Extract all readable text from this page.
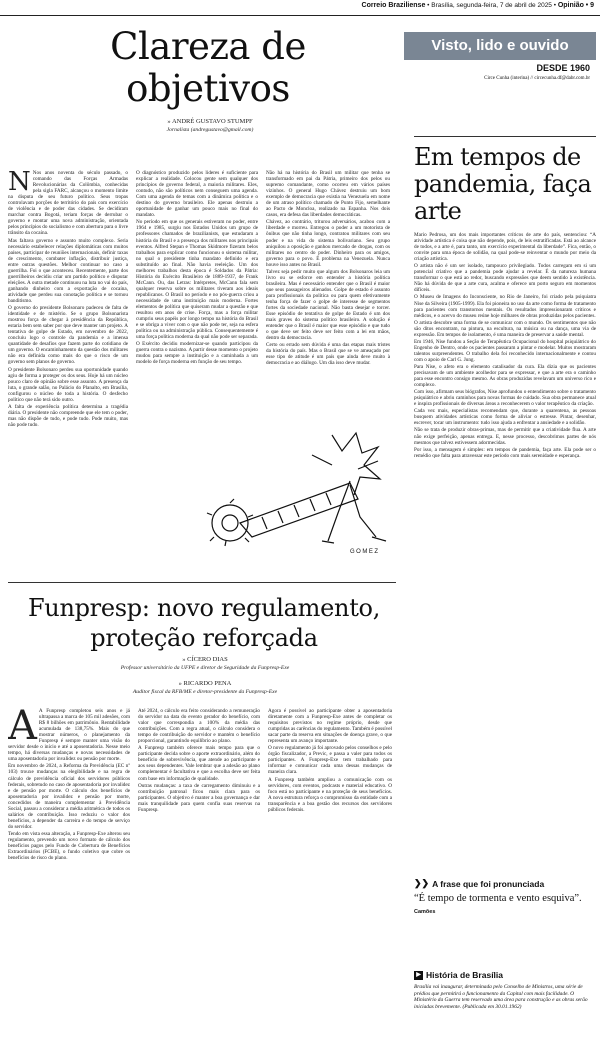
Correio Braziliense • Brasília, segunda-feira, 7 de abril de 2025 • Opinião • 9
Clareza de objetivos
» ANDRÉ GUSTAVO STUMPF
Jornalista (andregustavo@gmail.com)
N Nos anos noventa do século passado, o comando das Forças Armadas Revolucionárias da Colômbia, conhecidas pela sigla FARC, alcançou o momento limite na disputa de seu futuro político. Seus tropas controlavam porções de território do país com exercício de violência e de poder das cidades. Se decidiram marchar contra Bogotá, teriam forças de derrubar o governo e montar uma nova administração, orientada pelos princípios do socialismo e com abertura para o livre trânsito da cocaína.

Mas faltava governo e assunto muito complexo. Seria necessário estabelecer relações diplomáticas com muitos países, participar de reuniões internacionais, definir taxas de crescimento, combater inflação, distribuir justiça, entre outras questões. Melhor continuar no caso a guerrilha. Foi o que aconteceu. Recentemente, parte dos guerrilheiros decidiu criar um partido político e disputar eleições. A outra metade continuou na luta no vai do país, ganhando dinheiro com a exportação de cocaína, atividade que perdeu sua conotação política e se tornou banditismo.

O governo do presidente Bolsonaro padeceu de falta de identidade e de mistério. Se o grupo Bolsonarista mostrou força de chegar à presidência da República, estaria bem sem saber por que deve manter um projeto. A tentativa de golpe de Estado, em novembro de 2022, concluiu logo o controle da pandemia e a imensa quantidade de desafios que fazem parte do cotidiano de um governo. O encaminhamento da questão dos militares não era definida como mais do que o risco de um governo sem planos de governo.

O presidente Bolsonaro perdeu sua oportunidade quando agiu de forma a proteger os dos seus. Hoje há um núcleo pouco claro de opinião sobre esse assunto. A presença da luta, o grande salão, no Palácio do Planalto, em Brasília, configurou o núcleo de toda a história. O desfecho político que não terá sido outro.

A falta de experiência política determina a tragédia diária. O presidente não compreende que ele tem o poder, mas não dispõe de tudo, e pode tudo. Pode muito, mas não pode tudo.

O diagnóstico produzido pelos lideres é suficiente para explicar a realidade. Colocou gente sem qualquer dos principios de governo federal, a maioria militares. Eles, contudo, não são políticos nem conseguem uma agenda. Com uma agenda de temas com a dinâmica política e o destino do governo brasileiro. Ele apenas destruiu a oportunidade de ganhar um pouco mais no final do mandato.

No período em que os generais estiveram no poder, entre 1964 e 1985, surgiu nos Estados Unidos um grupo de professores chamados de brazilianists, que estudaram a história do Brasil e a presença dos militares nos principais eventos. Alfred Stepan e Thomas Skidmore fizeram belos trabalhos para explicar como funcionou o sistema militar, no qual o presidente tinha mandato definido e era substituído ao final. Não havia reeleição. Um dos melhores trabalhos desta época é Soldados da Pátria: História do Exército Brasileiro de 1889-1937, de Frank McCann. Ou, das Letras: Intérpretes, McCann fala sem qualquer reserva sobre os militares tiveram aos ideais republicanos. O Brasil no período e no pós-guerra criou a necessidade de uma instituição mais moderna. Fortes elementos de política que quiseram mudar a questão e que resultou em anos de crise. Força, mas a força militar cumpriu seus papéis por longo tempo na história do Brasil e se obriga a viver com o que não pode ter, seja na esfera política ou na administração pública. Consequentemente é uma força política moderna da qual não pode ser separada.

O Exército decidiu modernizar-se quando participou da guerra contra o nazismo. A partir desse momento o projeto mudou para sempre a instituição e a caminhada a um modelo de força moderna em função de seu tempo.

Não há na história do Brasil um militar que tenha se transformado em pai da Pátria, primeiro dos pelos ou supremo comandante, como ocorreu em vários países vizinhos. O general Hugo Chávez destruiu um bom exemplo de democracia que existia na Venezuela em nome de um atraso político chamado de Punto Fijo, semelhante ao Pacto de Moncloa, realizado na Espanha. Nos dois casos, era defesa das liberdades democráticas.

Chávez, ao contrário, triturou adversários, acabou com a liberdade e morreu. Entregou o poder a um motorista de ônibus que não tinha longo, contratou militares com seu poder e na vida do sistema bolivariano. Seu grupo aniquilou a oposição e ganhou mercado de drogas, com os militares no centro do poder. Dinheiro para os amigos, governo para o povo. É problema na Venezuela. Nunca houve isso antes no Brasil.

Talvez seja pedir muito que algum dos Bolsonaros leia um livro ou se esforce em entender a história política brasileira. Mas é necessário entender que o Brasil é maior que seus passageiros alienados. Golpe de estado é assunto para profissionais da política ou para quem efetivamente tenha força de fazer o golpe de interesse de segmentos fortes da sociedade nacional. Não basta desejar e torcer. Esse episódio de tentativa de golpe de Estado é um dos mais graves do sistema político brasileiro. A solução é entender que o Brasil é maior que esse episódio e que tudo o que deve ser feito deve ser feito com a lei em mãos, dentro da democracia.

Certo ou errado sem dúvida é uma das etapas mais tristes da história do país. Mas o Brasil que se ve ameaçado por esse tipo de atitude é um país que ainda deve muito à democracia e ao diálogo. Um dia isso deve mudar.

GOMEZ
Funpresp: novo regulamento, proteção reforçada
» CÍCERO DIAS
Professor universitário da UFPE e diretor de Seguridade da Funpresp-Exe
» RICARDO PENA
Auditor fiscal da RFB/ME e diretor-presidente da Funpresp-Exe
A A Funpresp completou seis anos e já ultrapassa a marca de 105 mil adesões, com R$ 8 bilhões em patrimônio. Rentabilidade acumulada de 138,75%. Mais do que mostrar números, o planejamento da Funpresp é sempre manter uma visão do servidor desde o início e até a aposentadoria. Nesse meio tempo, há diversas mudanças e novas necessidades de uma aposentadoria por invalidez ou pensão por morte.

Em novembro de 2024, a Reforma da Previdência (EC nº 103) trouxe mudanças na elegibilidade e na regra de cálculo de previdência oficial dos servidores públicos federais, sobretudo no caso de aposentadoria por invalidez e de pensão por morte. O cálculo dos benefícios de aposentadoria por invalidez e pensão por morte, concedidos de maneira complementar à Previdência Social, passou a considerar a média aritmética de todos os salários de contribuição. Isso reduziu o valor dos benefícios, a depender da carreira e do tempo de serviço do servidor.

Tendo em vista essa alteração, a Funpresp-Exe alterou seu regulamento, prevendo um novo formato de cálculo dos benefícios pagos pelo Fundo de Cobertura de Benefícios Extraordinários (FCBE), o fundo coletivo que cobre os benefícios de risco do plano.

Até 2024, o cálculo era feito considerando a remuneração do servidor na data do evento gerador do benefício, com valor que correspondia a 100% da média das contribuições. Com a regra atual, o cálculo considera o tempo de contribuição do servidor e mantém o benefício proporcional, garantindo equilíbrio ao plano.

A Funpresp também oferece mais tempo para que o participante decida sobre o aporte extraordinário, além do benefício de sobrevivência, que atende ao participante e aos seus dependentes. Vale lembrar que a adesão ao plano complementar é facultativa e que a escolha deve ser feita com base em informação de qualidade.

Outras mudanças: a taxa de carregamento diminuiu e a contribuição patronal ficou mais clara para os participantes. O objetivo é manter a boa governança e dar mais tranquilidade para quem confia suas reservas na Funpresp.

Agora é possível ao participante obter a aposentadoria diretamente com a Funpresp-Exe antes de completar os requisitos previstos no regime próprio, desde que cumpridas as carências do regulamento. Também é possível sacar parte da reserva em situações de doença grave, o que representa um avanço importante.

O novo regulamento já foi aprovado pelos conselhos e pelo órgão fiscalizador, a Previc, e passa a valer para todos os participantes. A Funpresp-Exe tem trabalhado para informar e comunicar cada uma dessas mudanças de maneira clara.

A Funpresp também ampliou a comunicação com os servidores, com eventos, podcasts e material educativo. O foco está no participante e na proteção de seus benefícios. A nova estrutura reforça o compromisso da entidade com a transparência e a boa gestão dos recursos dos servidores públicos federais.

Visto, lido e ouvido
DESDE 1960
Circe Cunha (interina) // circecunha.df@dabr.com.br
Em tempos de pandemia, faça arte

Mario Pedrosa, um dos mais importantes críticos de arte do país, sentenciou: “A atividade artística é coisa que não depende, pois, de leis estratificadas. Está ao alcance de todos, e a arte é, para tanto, um exercício experimental da liberdade”. Fica, então, o convite para uma época de solidão, na qual pode-se reinventar o mundo por meio da criação artística.

O artista não é um ser isolado, tampouco privilegiado. Todos carregam em si um potencial criativo que a pandemia pode ajudar a revelar. É da natureza humana transformar o que está ao redor, buscando expressões que deem sentido à existência. Não há dúvida de que a arte cura, acalma e oferece um porto seguro em momentos difíceis.

O Museu de Imagens do Inconsciente, no Rio de Janeiro, foi criado pela psiquiatra Nise da Silveira (1905-1999). Ela foi pioneira no uso da arte como forma de tratamento para pacientes com transtornos mentais. Os resultados impressionaram críticos e médicos, e o acervo do museu reúne hoje milhares de obras produzidas pelos pacientes.

O artista descobre uma forma de se comunicar com o mundo. Os sentimentos que não são ditos encontram, na pintura, na escultura, na música ou na dança, uma via de expressão. Em tempos de isolamento, é uma maneira de preservar a saúde mental.

Em 1946, Nise fundou a Seção de Terapêutica Ocupacional do hospital psiquiátrico do Engenho de Dentro, onde os pacientes passaram a pintar e modelar. Muitos mostraram talentos surpreendentes. O trabalho dela foi reconhecido internacionalmente e contou com o apoio de Carl G. Jung.

Para Nise, o afeto era o elemento catalisador da cura. Ela dizia que os pacientes precisavam de um ambiente acolhedor para se expressar, e que a arte era o caminho para esse encontro consigo mesmo. As obras produzidas revelavam um universo rico e complexo.

Com isso, afirmam seus biógrafos, Nise aprofundou o entendimento sobre o tratamento psiquiátrico e abriu caminhos para novas formas de cuidado. Sua obra permanece atual e inspira profissionais de diversas áreas a reconhecerem o valor terapêutico da criação.

Cada vez mais, especialistas recomendam que, durante a quarentena, as pessoas busquem atividades artísticas como forma de aliviar o estresse. Pintar, desenhar, escrever, tocar um instrumento: tudo isso ajuda a enfrentar a ansiedade e a solidão.

Não se trata de produzir obras-primas, mas de permitir que a criatividade flua. A arte não exige perfeição, apenas entrega. E, nesse processo, descobrimos partes de nós mesmos que talvez estivessem adormecidas.

Por isso, a mensagem é simples: em tempos de pandemia, faça arte. Ela pode ser o remédio que falta para atravessar este período com mais serenidade e esperança.

❯❯ A frase que foi pronunciada
“É tempo de tormenta e vento esquiva”.
Camões
▶ História de Brasília
Brasília vai inaugurar, determinada pelo Conselho de Ministros, uma série de prédios que permitirá o funcionamento da Capital com mais facilidade. O Ministério da Guerra tem reservado uma área para construção e as obras serão iniciadas brevemente. (Publicada em 30.01.1962)
